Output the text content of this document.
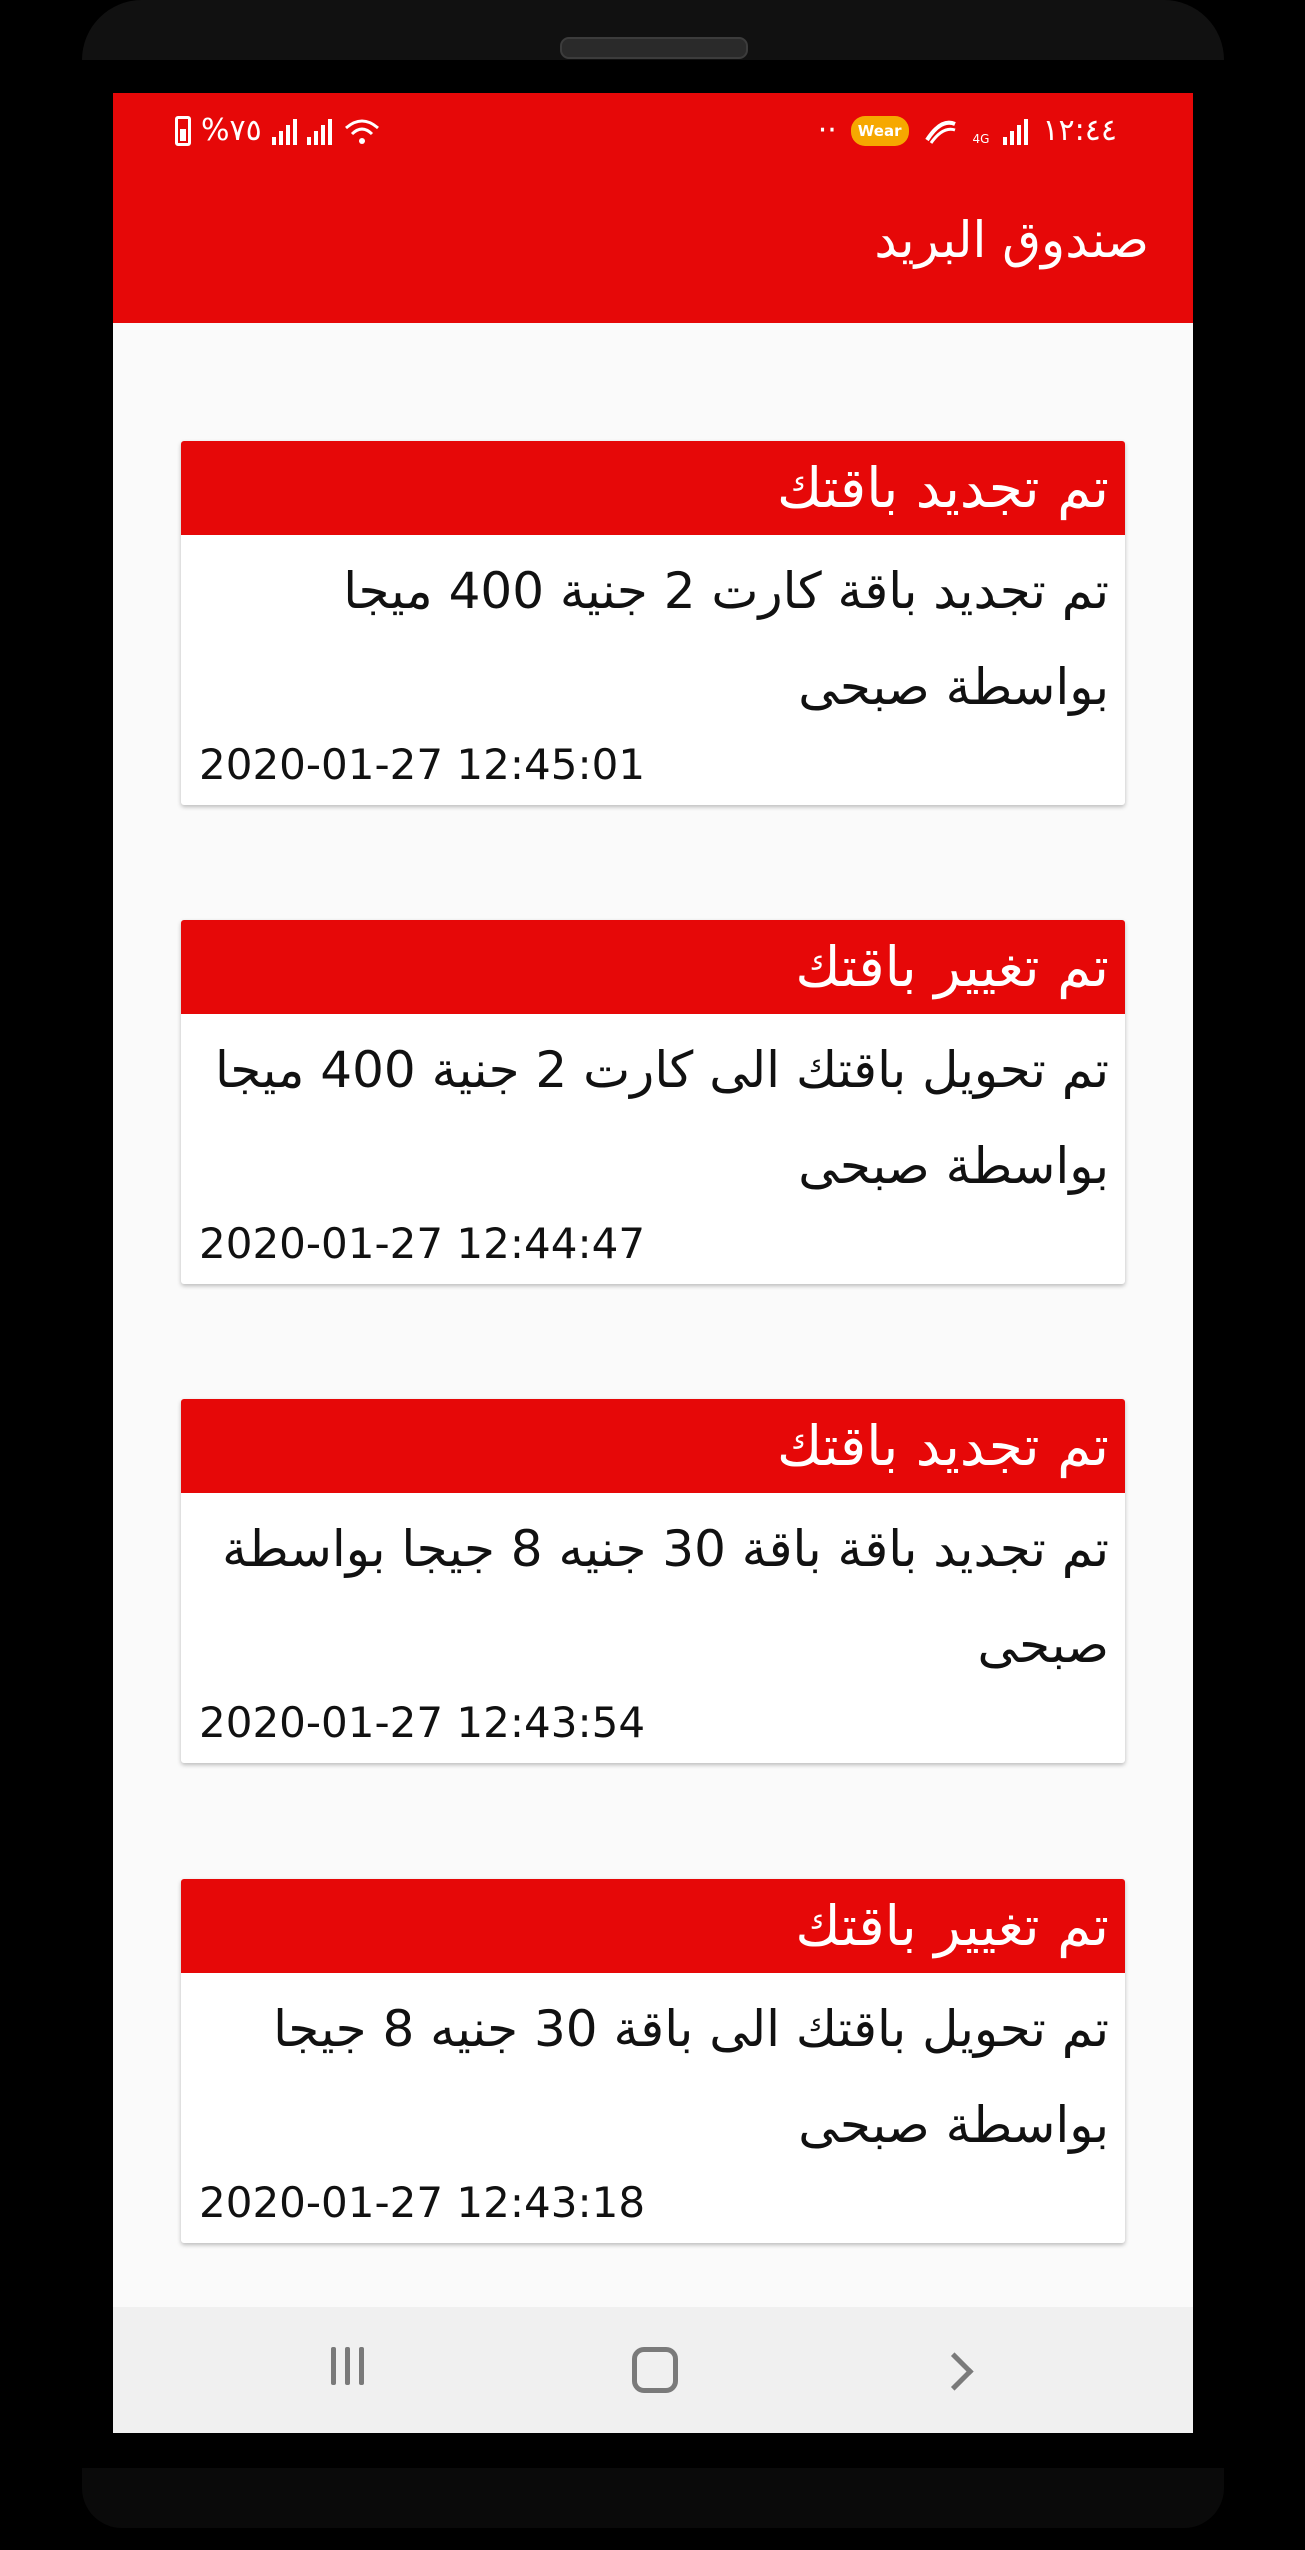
%٧٥	··	Wear	4G ١٢:٤٤
صندوق البريد
تم تجديد باقتك
تم تجديد باقة كارت 2 جنية 400 ميجا بواسطة صبحى
2020-01-27 12:45:01
تم تغيير باقتك
تم تحويل باقتك الى كارت 2 جنية 400 ميجا بواسطة صبحى
2020-01-27 12:44:47
تم تجديد باقتك
تم تجديد باقة باقة 30 جنيه 8 جيجا بواسطة صبحى
2020-01-27 12:43:54
تم تغيير باقتك
تم تحويل باقتك الى باقة 30 جنيه 8 جيجا بواسطة صبحى
2020-01-27 12:43:18
